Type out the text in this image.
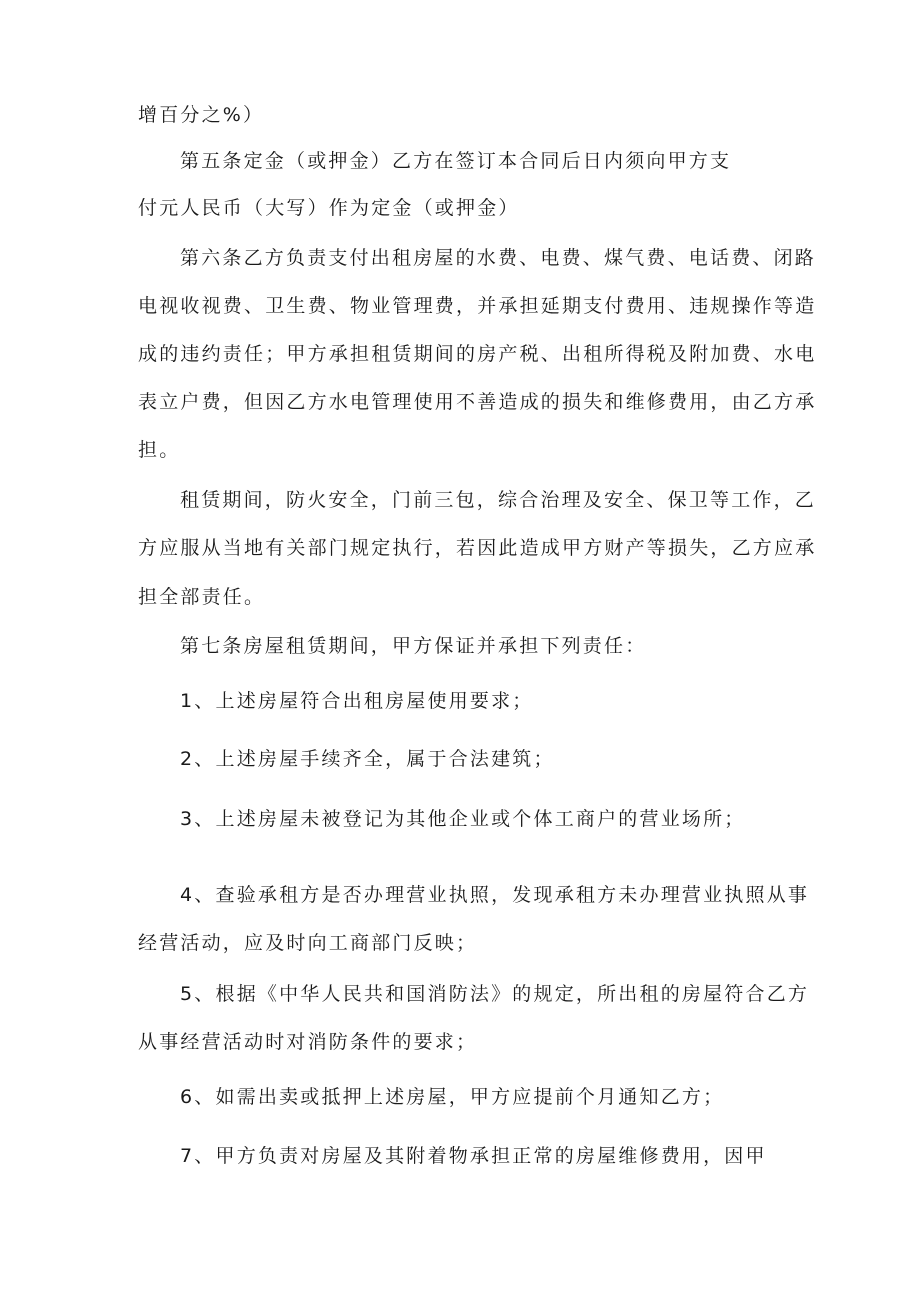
增百分之%）
第五条定金（或押金）乙方在签订本合同后日内须向甲方支
付元人民币（大写）作为定金（或押金）
第六条乙方负责支付出租房屋的水费、电费、煤气费、电话费、闭路
电视收视费、卫生费、物业管理费，并承担延期支付费用、违规操作等造
成的违约责任；甲方承担租赁期间的房产税、出租所得税及附加费、水电
表立户费，但因乙方水电管理使用不善造成的损失和维修费用，由乙方承
担。
租赁期间，防火安全，门前三包，综合治理及安全、保卫等工作，乙
方应服从当地有关部门规定执行，若因此造成甲方财产等损失，乙方应承
担全部责任。
第七条房屋租赁期间，甲方保证并承担下列责任：
1、上述房屋符合出租房屋使用要求；
2、上述房屋手续齐全，属于合法建筑；
3、上述房屋未被登记为其他企业或个体工商户的营业场所；
4、查验承租方是否办理营业执照，发现承租方未办理营业执照从事
经营活动，应及时向工商部门反映；
5、根据《中华人民共和国消防法》的规定，所出租的房屋符合乙方
从事经营活动时对消防条件的要求；
6、如需出卖或抵押上述房屋，甲方应提前个月通知乙方；
7、甲方负责对房屋及其附着物承担正常的房屋维修费用，因甲
